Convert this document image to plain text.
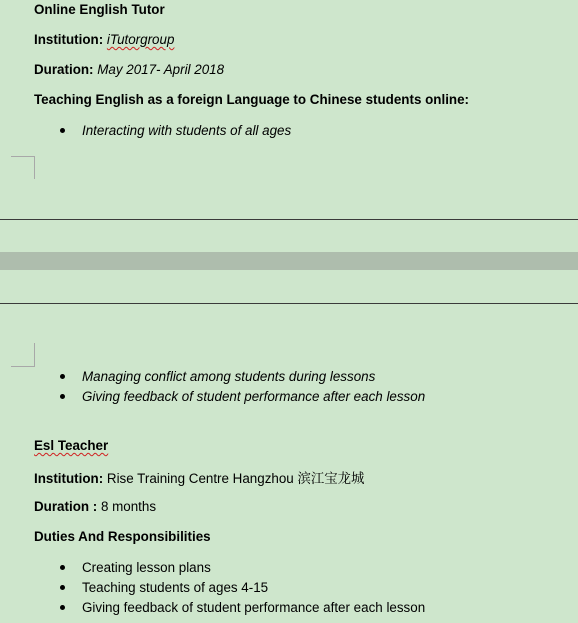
Online English Tutor
Institution: iTutorgroup
Duration: May 2017- April 2018
Teaching English as a foreign Language to Chinese students online:
Interacting with students of all ages
Managing conflict among students during lessons
Giving feedback of student performance after each lesson
Esl Teacher
Institution: Rise Training Centre Hangzhou 滨江宝龙城
Duration : 8 months
Duties And Responsibilities
Creating lesson plans
Teaching students of ages 4-15
Giving feedback of student performance after each lesson
